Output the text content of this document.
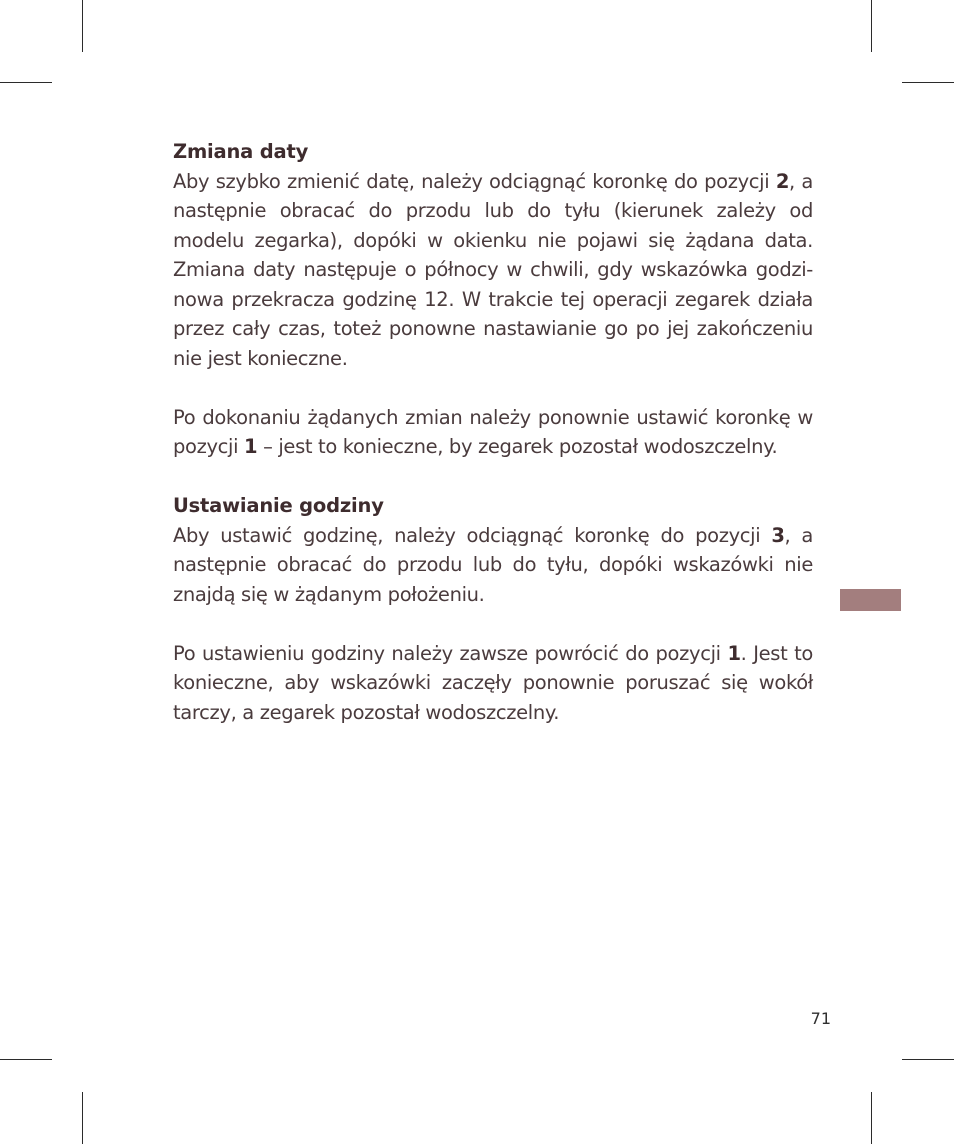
Zmiana daty

Aby szybko zmienić datę, należy odciągnąć koronkę do pozycji 2, a następnie obracać do przodu lub do tyłu (kierunek zależy od modelu zegarka), dopóki w okienku nie pojawi się żądana data. Zmiana daty następuje o północy w chwili, gdy wskazówka godzi-nowa przekracza godzinę 12. W trakcie tej operacji zegarek działa przez cały czas, toteż ponowne nastawianie go po jej zakończeniu nie jest konieczne.

Po dokonaniu żądanych zmian należy ponownie ustawić koronkę w pozycji 1 – jest to konieczne, by zegarek pozostał wodoszczelny.

Ustawianie godziny

Aby ustawić godzinę, należy odciągnąć koronkę do pozycji 3, a następnie obracać do przodu lub do tyłu, dopóki wskazówki nie znajdą się w żądanym położeniu.

Po ustawieniu godziny należy zawsze powrócić do pozycji 1. Jest to konieczne, aby wskazówki zaczęły ponownie poruszać się wokół tarczy, a zegarek pozostał wodoszczelny.

71
